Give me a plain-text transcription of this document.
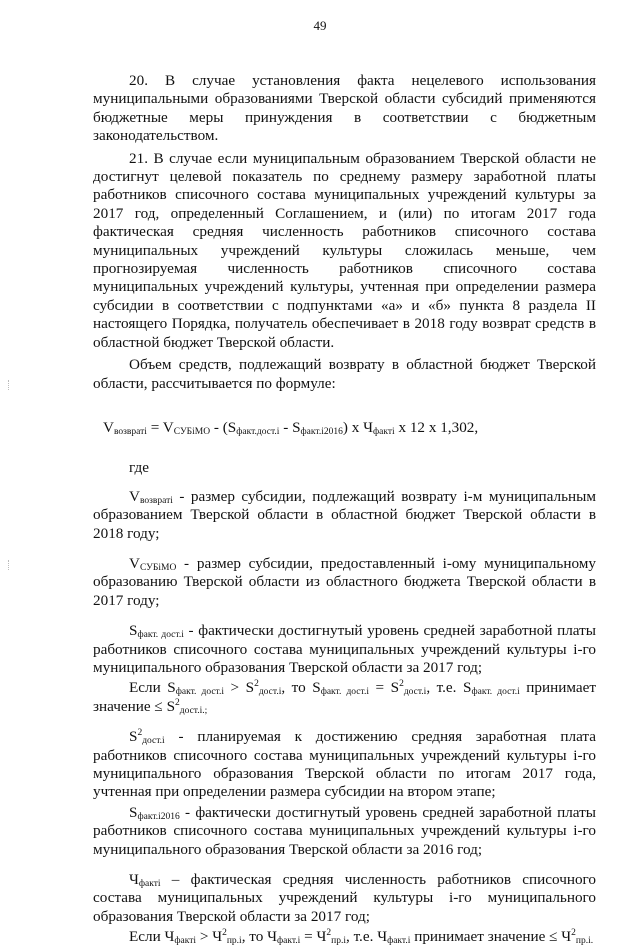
49

20. В случае установления факта нецелевого использования муниципальными образованиями Тверской области субсидий применяются бюджетные меры принуждения в соответствии с бюджетным законодательством.

21. В случае если муниципальным образованием Тверской области не достигнут целевой показатель по среднему размеру заработной платы работников списочного состава муниципальных учреждений культуры за 2017 год, определенный Соглашением, и (или) по итогам 2017 года фактическая средняя численность работников списочного состава муниципальных учреждений культуры сложилась меньше, чем прогнозируемая численность работников списочного состава муниципальных учреждений культуры, учтенная при определении размера субсидии в соответствии с подпунктами «а» и «б» пункта 8 раздела II настоящего Порядка, получатель обеспечивает в 2018 году возврат средств в областной бюджет Тверской области.

Объем средств, подлежащий возврату в областной бюджет Тверской области, рассчитывается по формуле:

$V_{возвратi} = V_{СУБiМО} - (S_{факт.дост.i} - S_{факт.i2016})$ x $Ч_{фактi}$ x 12 x 1,302,

где

$V_{возвратi}$ - размер субсидии, подлежащий возврату i-м муниципальным образованием Тверской области в областной бюджет Тверской области в 2018 году;

$V_{СУБiМО}$ - размер субсидии, предоставленный i-ому муниципальному образованию Тверской области из областного бюджета Тверской области в 2017 году;

$S_{факт. дост.i}$ - фактически достигнутый уровень средней заработной платы работников списочного состава муниципальных учреждений культуры i-го муниципального образования Тверской области за 2017 год;

Если $S_{факт. дост.i} > S^2_{дост.i}$, то $S_{факт. дост.i} = S^2_{дост.i}$, т.е. $S_{факт. дост.i}$ принимает значение ≤ $S^2_{дост.i.;}$

$S^2_{дост.i}$ - планируемая к достижению средняя заработная плата работников списочного состава муниципальных учреждений культуры i-го муниципального образования Тверской области по итогам 2017 года, учтенная при определении размера субсидии на втором этапе;

$S_{факт.i2016}$ - фактически достигнутый уровень средней заработной платы работников списочного состава муниципальных учреждений культуры i-го муниципального образования Тверской области за 2016 год;

$Ч_{фактi}$ – фактическая средняя численность работников списочного состава муниципальных учреждений культуры i-го муниципального образования Тверской области за 2017 год;

Если $Ч_{фактi} > Ч^2_{пр.i}$, то $Ч_{факт.i} = Ч^2_{пр.i}$, т.е. $Ч_{факт.i}$ принимает значение ≤ $Ч^2_{пр.i.}$
